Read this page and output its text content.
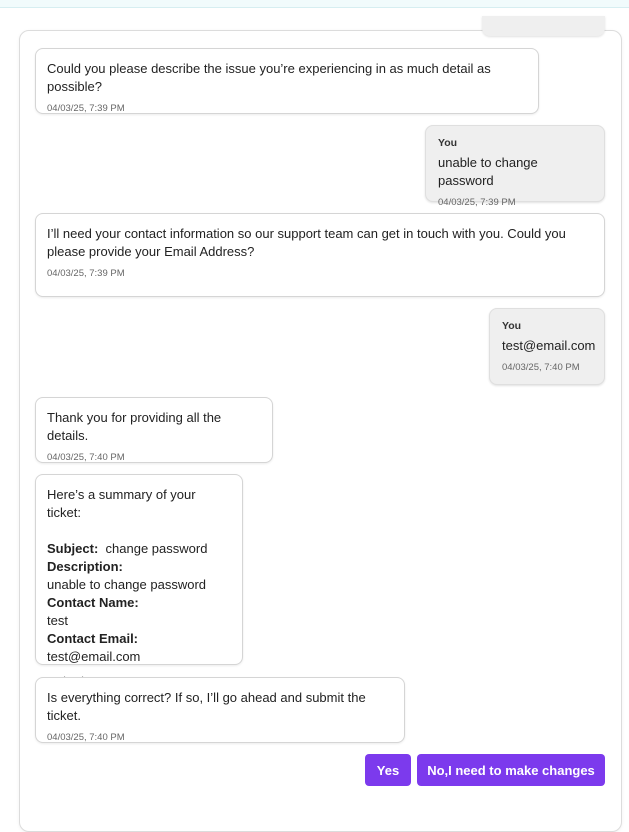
Could you please describe the issue you’re experiencing in as much detail as possible?
04/03/25, 7:39 PM
You
unable to change password
04/03/25, 7:39 PM
I’ll need your contact information so our support team can get in touch with you. Could you
please provide your Email Address?
04/03/25, 7:39 PM
You
test@email.com
04/03/25, 7:40 PM
Thank you for providing all the details.
04/03/25, 7:40 PM
Here’s a summary of your ticket:
Subject: change password
Description:
unable to change password
Contact Name:
test
Contact Email: test@email.com
Is everything correct? If so, I’ll go ahead and submit the ticket.
04/03/25, 7:40 PM
Yes	No,I need to make changes
